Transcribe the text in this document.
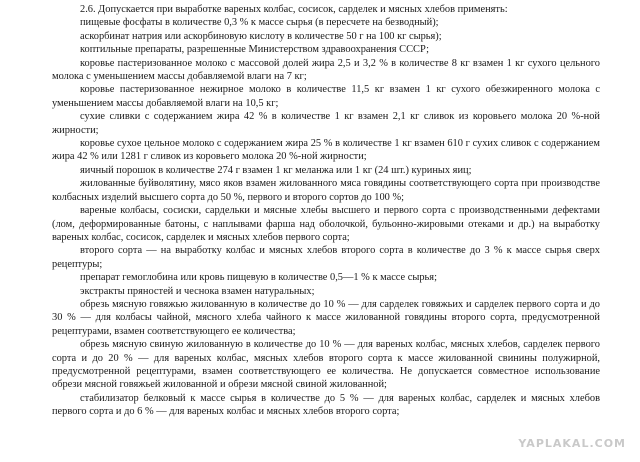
2.6. Допускается при выработке вареных колбас, сосисок, сарделек и мясных хлебов применять:

пищевые фосфаты в количестве 0,3 % к массе сырья (в пересчете на безводный);

аскорбинат натрия или аскорбиновую кислоту в количестве 50 г на 100 кг сырья);

коптильные препараты, разрешенные Министерством здравоохранения СССР;

коровье пастеризованное молоко с массовой долей жира 2,5 и 3,2 % в количестве 8 кг взамен 1 кг сухого цельного молока с уменьшением массы добавляемой влаги на 7 кг;

коровье пастеризованное нежирное молоко в количестве 11,5 кг взамен 1 кг сухого обезжиренного молока с уменьшением массы добавляемой влаги на 10,5 кг;

сухие сливки с содержанием жира 42 % в количестве 1 кг взамен 2,1 кг сливок из коровьего молока 20 %-ной жирности;

коровье сухое цельное молоко с содержанием жира 25 % в количестве 1 кг взамен 610 г сухих сливок с содержанием жира 42 % или 1281 г сливок из коровьего молока 20 %-ной жирности;

яичный порошок в количестве 274 г взамен 1 кг меланжа или 1 кг (24 шт.) куриных яиц;

жилованные буйволятину, мясо яков взамен жилованного мяса говядины соответствующего сорта при производстве колбасных изделий высшего сорта до 50 %, первого и второго сортов до 100 %;

вареные колбасы, сосиски, сардельки и мясные хлебы высшего и первого сорта с производственными дефектами (лом, деформированные батоны, с наплывами фарша над оболочкой, бульонно-жировыми отеками и др.) на выработку вареных колбас, сосисок, сарделек и мясных хлебов первого сорта;

второго сорта — на выработку колбас и мясных хлебов второго сорта в количестве до 3 % к массе сырья сверх рецептуры;

препарат гемоглобина или кровь пищевую в количестве 0,5—1 % к массе сырья;

экстракты пряностей и чеснока взамен натуральных;

обрезь мясную говяжью жилованную в количестве до 10 % — для сарделек говяжьих и сарделек первого сорта и до 30 % — для колбасы чайной, мясного хлеба чайного к массе жилованной говядины второго сорта, предусмотренной рецептурами, взамен соответствующего ее количества;

обрезь мясную свиную жилованную в количестве до 10 % — для вареных колбас, мясных хлебов, сарделек первого сорта и до 20 % — для вареных колбас, мясных хлебов второго сорта к массе жилованной свинины полужирной, предусмотренной рецептурами, взамен соответствующего ее количества. Не допускается совместное использование обрези мясной говяжьей жилованной и обрези мясной свиной жилованной;

стабилизатор белковый к массе сырья в количестве до 5 % — для вареных колбас, сарделек и мясных хлебов первого сорта и до 6 % — для вареных колбас и мясных хлебов второго сорта;

YAPLAKAL.COM
